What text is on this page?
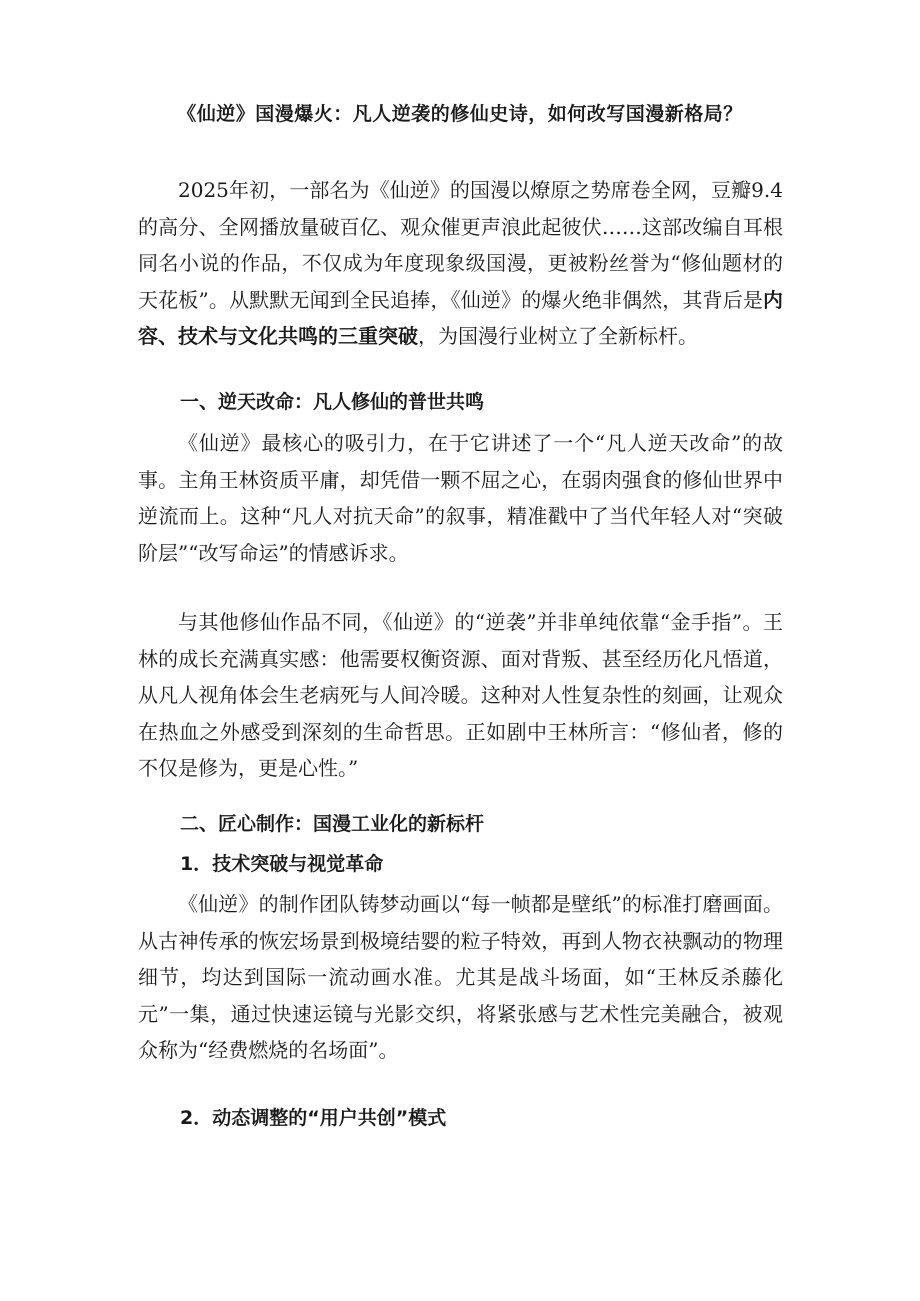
《仙逆》国漫爆火：凡人逆袭的修仙史诗，如何改写国漫新格局？

2025年初，一部名为《仙逆》的国漫以燎原之势席卷全网，豆瓣9.4的高分、全网播放量破百亿、观众催更声浪此起彼伏……这部改编自耳根同名小说的作品，不仅成为年度现象级国漫，更被粉丝誉为“修仙题材的天花板”。从默默无闻到全民追捧，《仙逆》的爆火绝非偶然，其背后是内容、技术与文化共鸣的三重突破，为国漫行业树立了全新标杆。

一、逆天改命：凡人修仙的普世共鸣

《仙逆》最核心的吸引力，在于它讲述了一个“凡人逆天改命”的故事。主角王林资质平庸，却凭借一颗不屈之心，在弱肉强食的修仙世界中逆流而上。这种“凡人对抗天命”的叙事，精准戳中了当代年轻人对“突破阶层”“改写命运”的情感诉求。

与其他修仙作品不同，《仙逆》的“逆袭”并非单纯依靠“金手指”。王林的成长充满真实感：他需要权衡资源、面对背叛、甚至经历化凡悟道，从凡人视角体会生老病死与人间冷暖。这种对人性复杂性的刻画，让观众在热血之外感受到深刻的生命哲思。正如剧中王林所言：“修仙者，修的不仅是修为，更是心性。”

二、匠心制作：国漫工业化的新标杆
1．技术突破与视觉革命

《仙逆》的制作团队铸梦动画以“每一帧都是壁纸”的标准打磨画面。从古神传承的恢宏场景到极境结婴的粒子特效，再到人物衣袂飘动的物理细节，均达到国际一流动画水准。尤其是战斗场面，如“王林反杀藤化元”一集，通过快速运镜与光影交织，将紧张感与艺术性完美融合，被观众称为“经费燃烧的名场面”。

2．动态调整的“用户共创”模式
